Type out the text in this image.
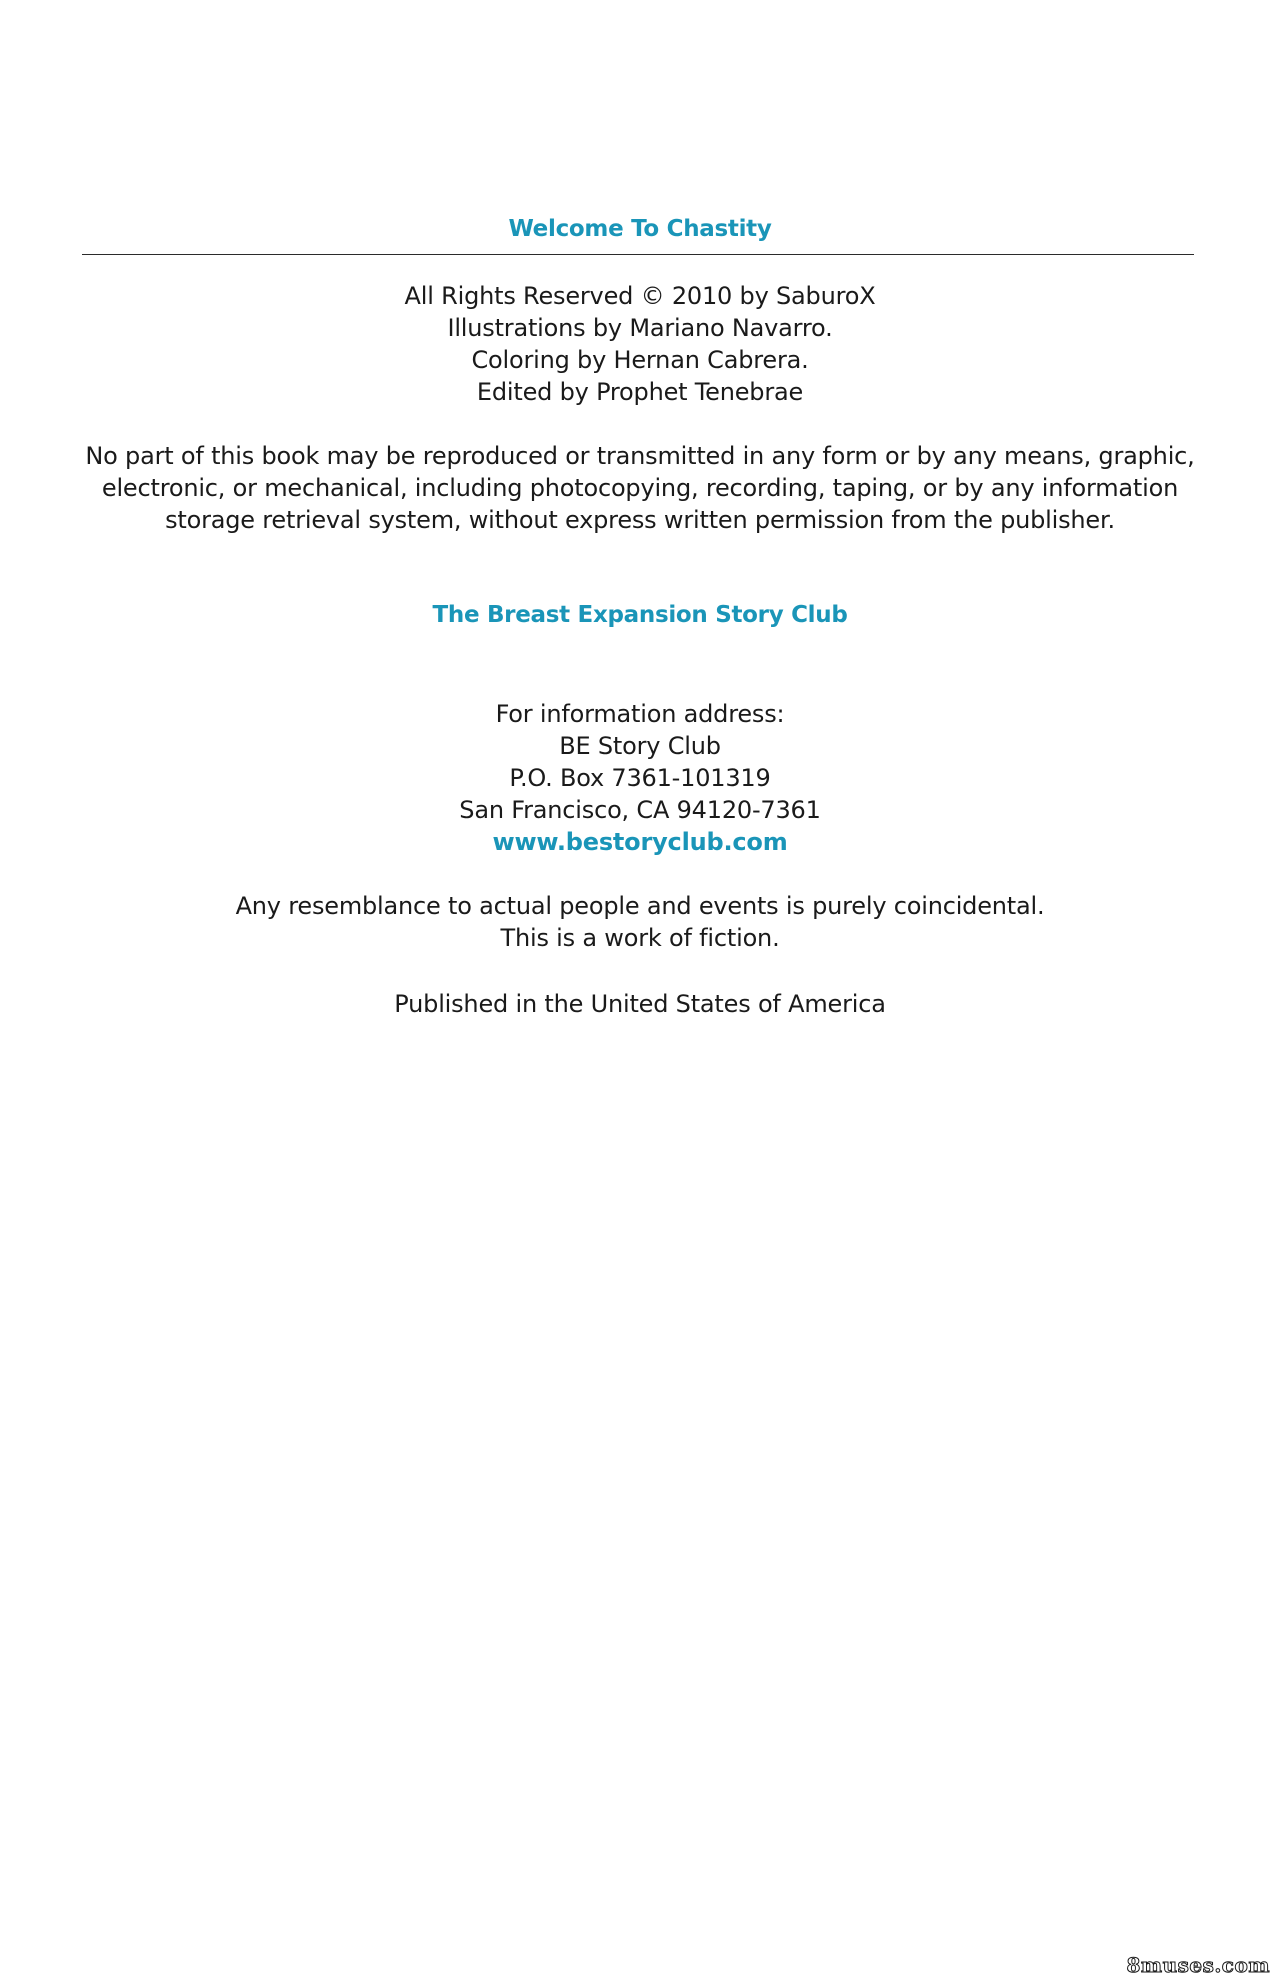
Welcome To Chastity
All Rights Reserved © 2010 by SaburoX
Illustrations by Mariano Navarro.
Coloring by Hernan Cabrera.
Edited by Prophet Tenebrae
No part of this book may be reproduced or transmitted in any form or by any means, graphic,
electronic, or mechanical, including photocopying, recording, taping, or by any information
storage retrieval system, without express written permission from the publisher.
The Breast Expansion Story Club
For information address:
BE Story Club
P.O. Box 7361-101319
San Francisco, CA 94120-7361
www.bestoryclub.com
Any resemblance to actual people and events is purely coincidental.
This is a work of fiction.
Published in the United States of America
8muses.com
